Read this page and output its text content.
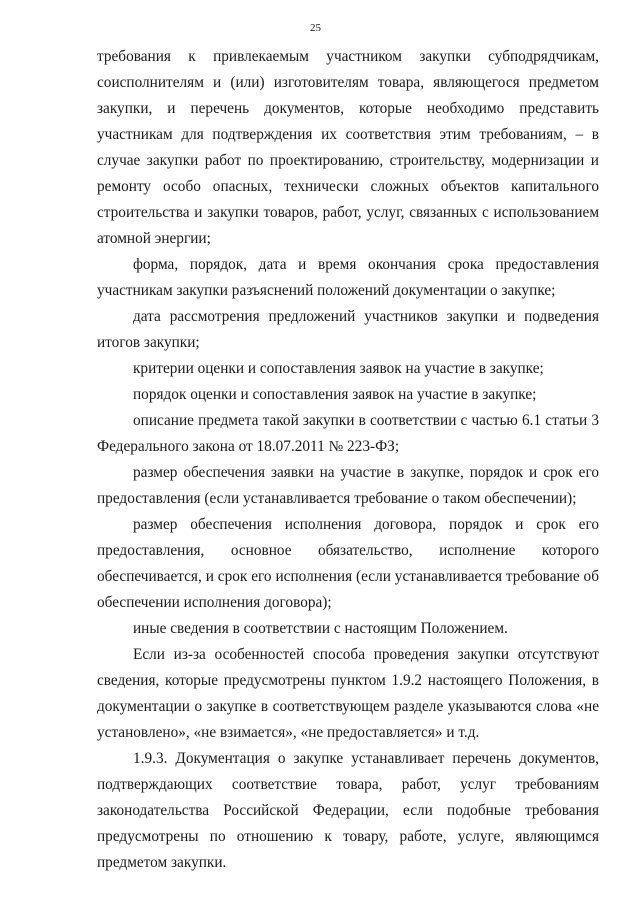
25

требования к привлекаемым участником закупки субподрядчикам, соисполнителям и (или) изготовителям товара, являющегося предметом закупки, и перечень документов, которые необходимо представить участникам для подтверждения их соответствия этим требованиям, – в случае закупки работ по проектированию, строительству, модернизации и ремонту особо опасных, технически сложных объектов капитального строительства и закупки товаров, работ, услуг, связанных с использованием атомной энергии;

форма, порядок, дата и время окончания срока предоставления участникам закупки разъяснений положений документации о закупке;

дата рассмотрения предложений участников закупки и подведения итогов закупки;

критерии оценки и сопоставления заявок на участие в закупке;

порядок оценки и сопоставления заявок на участие в закупке;

описание предмета такой закупки в соответствии с частью 6.1 статьи 3 Федерального закона от 18.07.2011 № 223-ФЗ;

размер обеспечения заявки на участие в закупке, порядок и срок его предоставления (если устанавливается требование о таком обеспечении);

размер обеспечения исполнения договора, порядок и срок его предоставления, основное обязательство, исполнение которого обеспечивается, и срок его исполнения (если устанавливается требование об обеспечении исполнения договора);

иные сведения в соответствии с настоящим Положением.

Если из-за особенностей способа проведения закупки отсутствуют сведения, которые предусмотрены пунктом 1.9.2 настоящего Положения, в документации о закупке в соответствующем разделе указываются слова «не установлено», «не взимается», «не предоставляется» и т.д.

1.9.3. Документация о закупке устанавливает перечень документов, подтверждающих соответствие товара, работ, услуг требованиям законодательства Российской Федерации, если подобные требования предусмотрены по отношению к товару, работе, услуге, являющимся предметом закупки.
